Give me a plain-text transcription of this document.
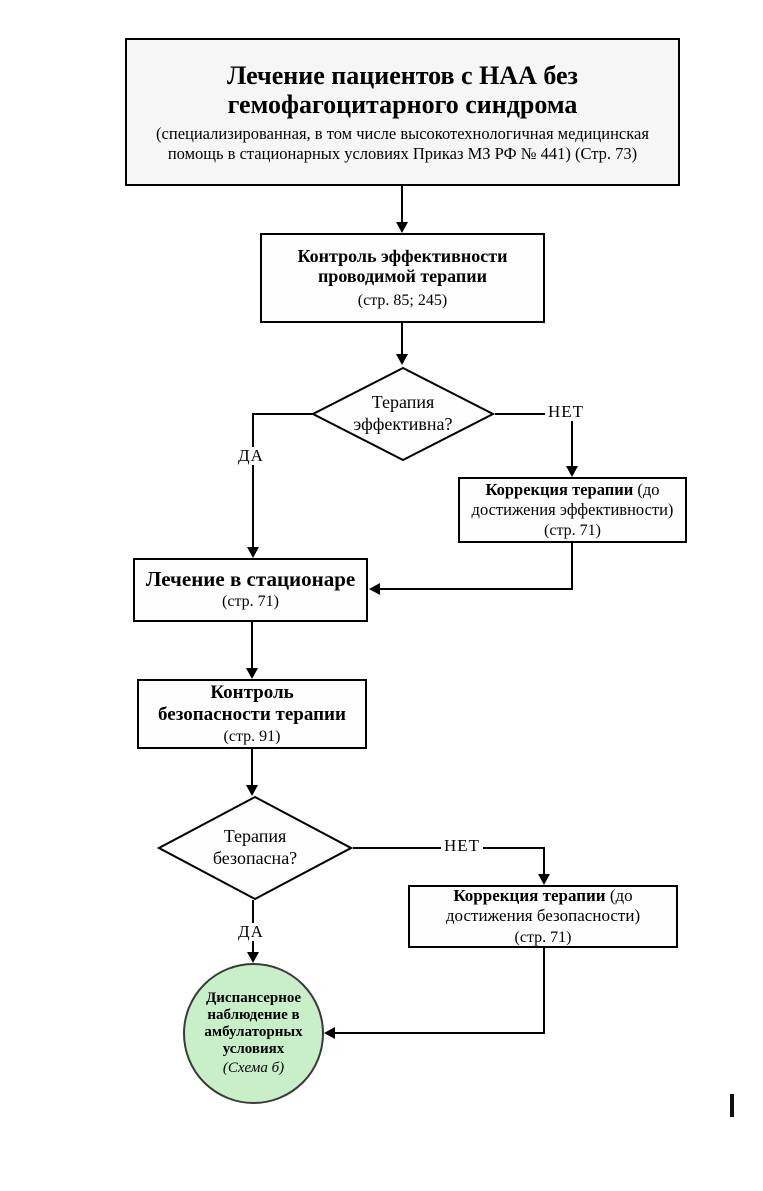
Лечение пациентов с НАА без
гемофагоцитарного синдрома
(специализированная, в том числе высокотехнологичная медицинская
помощь в стационарных условиях Приказ МЗ РФ № 441) (Стр. 73)
Контроль эффективности
проводимой терапии
(стр. 85; 245)
Терапия
эффективна?
НЕТ
Коррекция терапии (до достижения эффективности)
(стр. 71)
ДА
Лечение в стационаре
(стр. 71)
Контроль
безопасности терапии
(стр. 91)
Терапия
безопасна?
НЕТ
Коррекция терапии (до достижения безопасности)
(стр. 71)
ДА
Диспансерное
наблюдение в
амбулаторных
условиях
(Схема б)
